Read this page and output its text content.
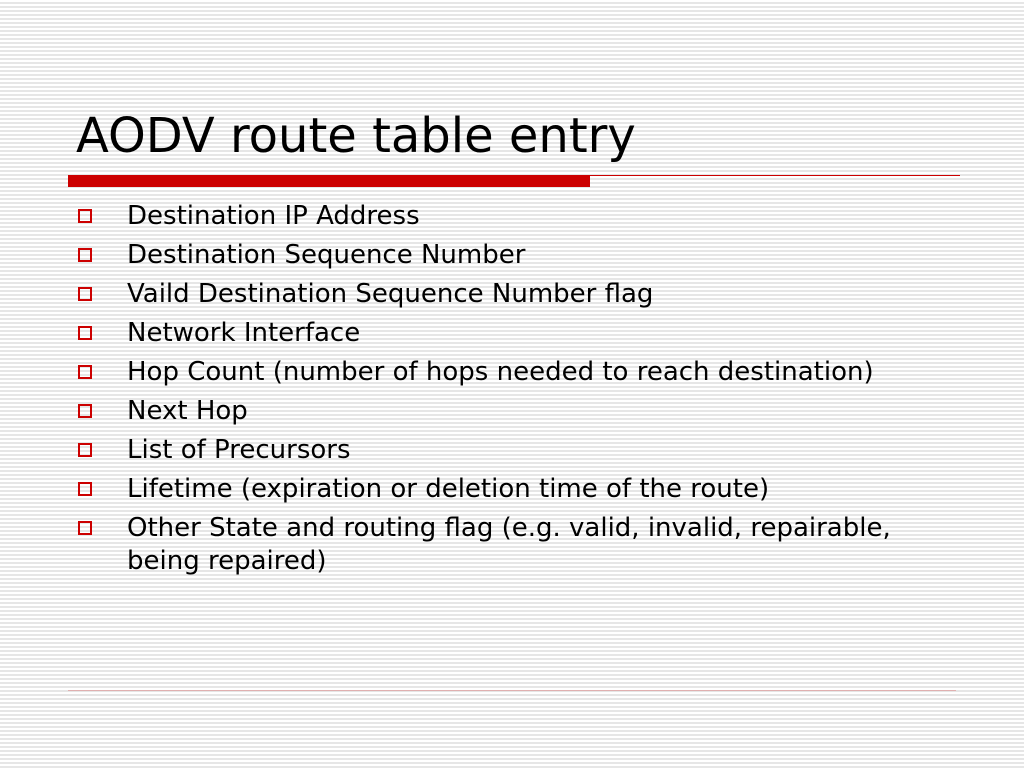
AODV route table entry
Destination IP Address
Destination Sequence Number
Vaild Destination Sequence Number flag
Network Interface
Hop Count (number of hops needed to reach destination)
Next Hop
List of Precursors
Lifetime (expiration or deletion time of the route)
Other State and routing flag (e.g. valid, invalid, repairable, being repaired)
